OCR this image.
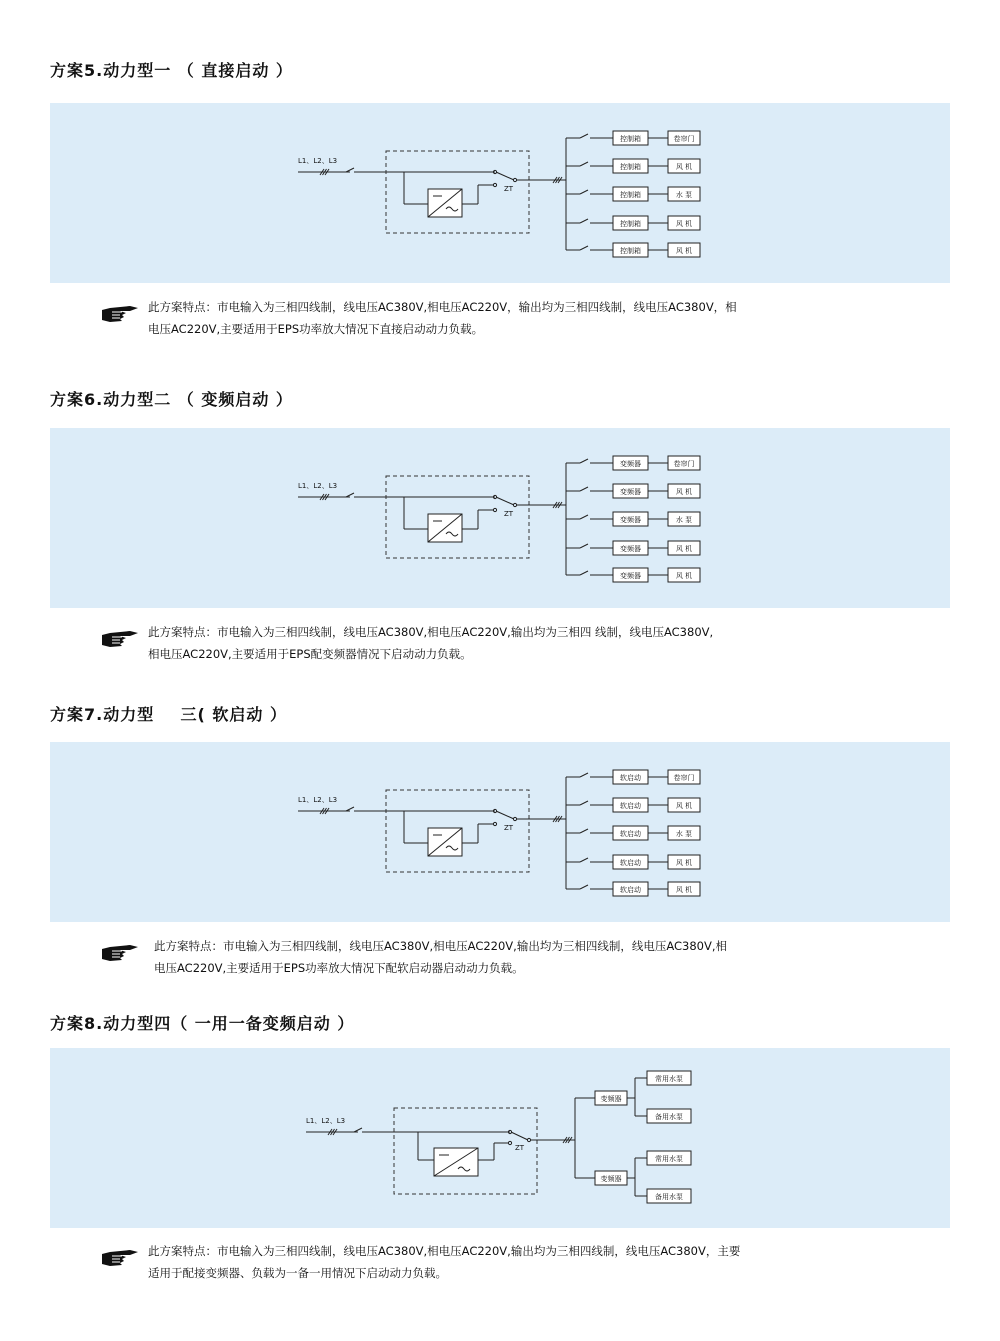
方案5.动力型一 （ 直接启动 ）
L1、L2、L3
ZT
控制箱	卷帘门
控制箱	风 机
控制箱	水 泵
控制箱	风 机
控制箱	风 机
此方案特点：市电输入为三相四线制，线电压AC380V,相电压AC220V，输出均为三相四线制，线电压AC380V，相
电压AC220V,主要适用于EPS功率放大情况下直接启动动力负载。
方案6.动力型二 （ 变频启动 ）
L1、L2、L3
ZT
变频器	卷帘门
变频器	风 机
变频器	水 泵
变频器	风 机
变频器	风 机
此方案特点：市电输入为三相四线制，线电压AC380V,相电压AC220V,输出均为三相四 线制，线电压AC380V,
相电压AC220V,主要适用于EPS配变频器情况下启动动力负载。
方案7.动力型    三( 软启动 ）
L1、L2、L3
ZT
软启动	卷帘门
软启动	风 机
软启动	水 泵
软启动	风 机
软启动	风 机
此方案特点：市电输入为三相四线制，线电压AC380V,相电压AC220V,输出均为三相四线制，线电压AC380V,相
电压AC220V,主要适用于EPS功率放大情况下配软启动器启动动力负载。
方案8.动力型四（ 一用一备变频启动 ）
L1、L2、L3
ZT
变频器
常用水泵
备用水泵
变频器
常用水泵
备用水泵
此方案特点：市电输入为三相四线制，线电压AC380V,相电压AC220V,输出均为三相四线制，线电压AC380V，主要
适用于配接变频器、负载为一备一用情况下启动动力负载。
